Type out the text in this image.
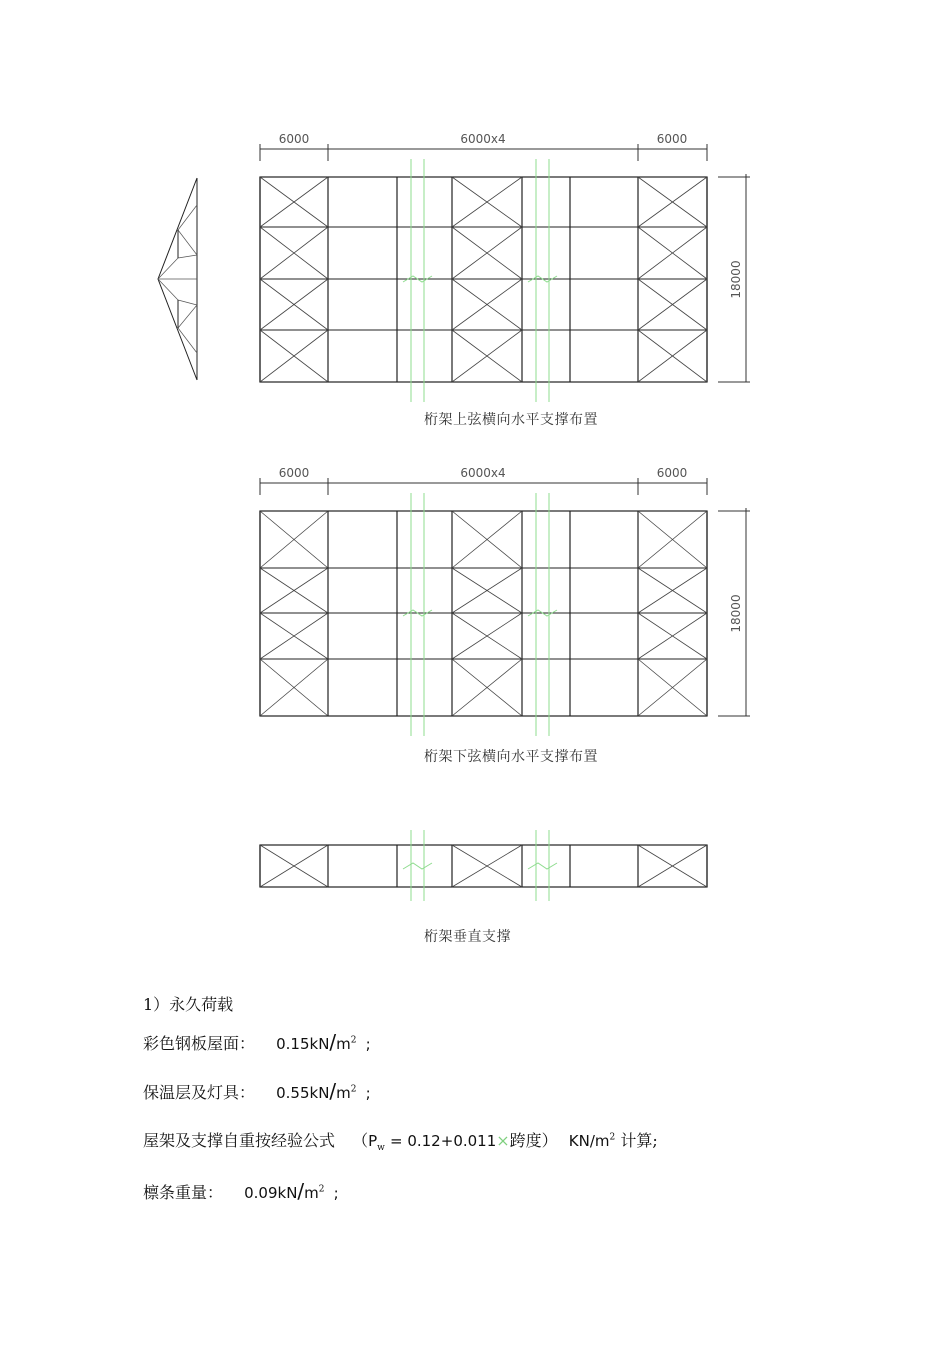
6000	6000x4	6000
18000
桁架上弦横向水平支撑布置
6000	6000x4	6000
18000
桁架下弦横向水平支撑布置
桁架垂直支撑
1）永久荷载
彩色钢板屋面： $0.15kN/m^2$ ;
保温层及灯具： $0.55kN/m^2$ ;
屋架及支撑自重按经验公式 （$P_w = 0.12+0.011\times$跨度） $KN/m^2$ 计算;
檩条重量： $0.09kN/m^2$ ;
